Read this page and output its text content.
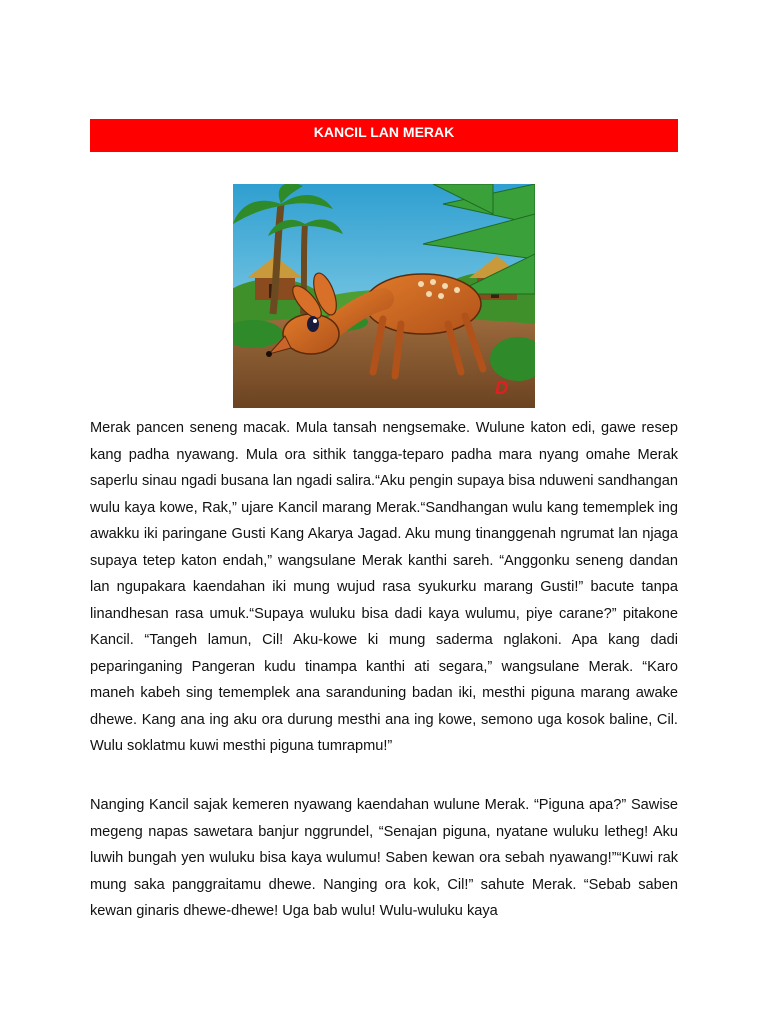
KANCIL LAN MERAK
D

Merak pancen seneng macak. Mula tansah nengsemake. Wulune katon edi, gawe resep kang padha nyawang. Mula ora sithik tangga-teparo padha mara nyang omahe Merak saperlu sinau ngadi busana lan ngadi salira.“Aku pengin supaya bisa nduweni sandhangan wulu kaya kowe, Rak,” ujare Kancil marang Merak.“Sandhangan wulu kang tememplek ing awakku iki paringane Gusti Kang Akarya Jagad. Aku mung tinanggenah ngrumat lan njaga supaya tetep katon endah,” wangsulane Merak kanthi sareh. “Anggonku seneng dandan lan ngupakara kaendahan iki mung wujud rasa syukurku marang Gusti!” bacute tanpa linandhesan rasa umuk.“Supaya wuluku bisa dadi kaya wulumu, piye carane?” pitakone Kancil. “Tangeh lamun, Cil! Aku-kowe ki mung saderma nglakoni. Apa kang dadi peparinganing Pangeran kudu tinampa kanthi ati segara,” wangsulane Merak. “Karo maneh kabeh sing tememplek ana saranduning badan iki, mesthi piguna marang awake dhewe. Kang ana ing aku ora durung mesthi ana ing kowe, semono uga kosok baline, Cil. Wulu soklatmu kuwi mesthi piguna tumrapmu!”

Nanging Kancil sajak kemeren nyawang kaendahan wulune Merak. “Piguna apa?” Sawise megeng napas sawetara banjur nggrundel, “Senajan piguna, nyatane wuluku letheg! Aku luwih bungah yen wuluku bisa kaya wulumu! Saben kewan ora sebah nyawang!”“Kuwi rak mung saka panggraitamu dhewe. Nanging ora kok, Cil!” sahute Merak. “Sebab saben kewan ginaris dhewe-dhewe! Uga bab wulu! Wulu-wuluku kaya
